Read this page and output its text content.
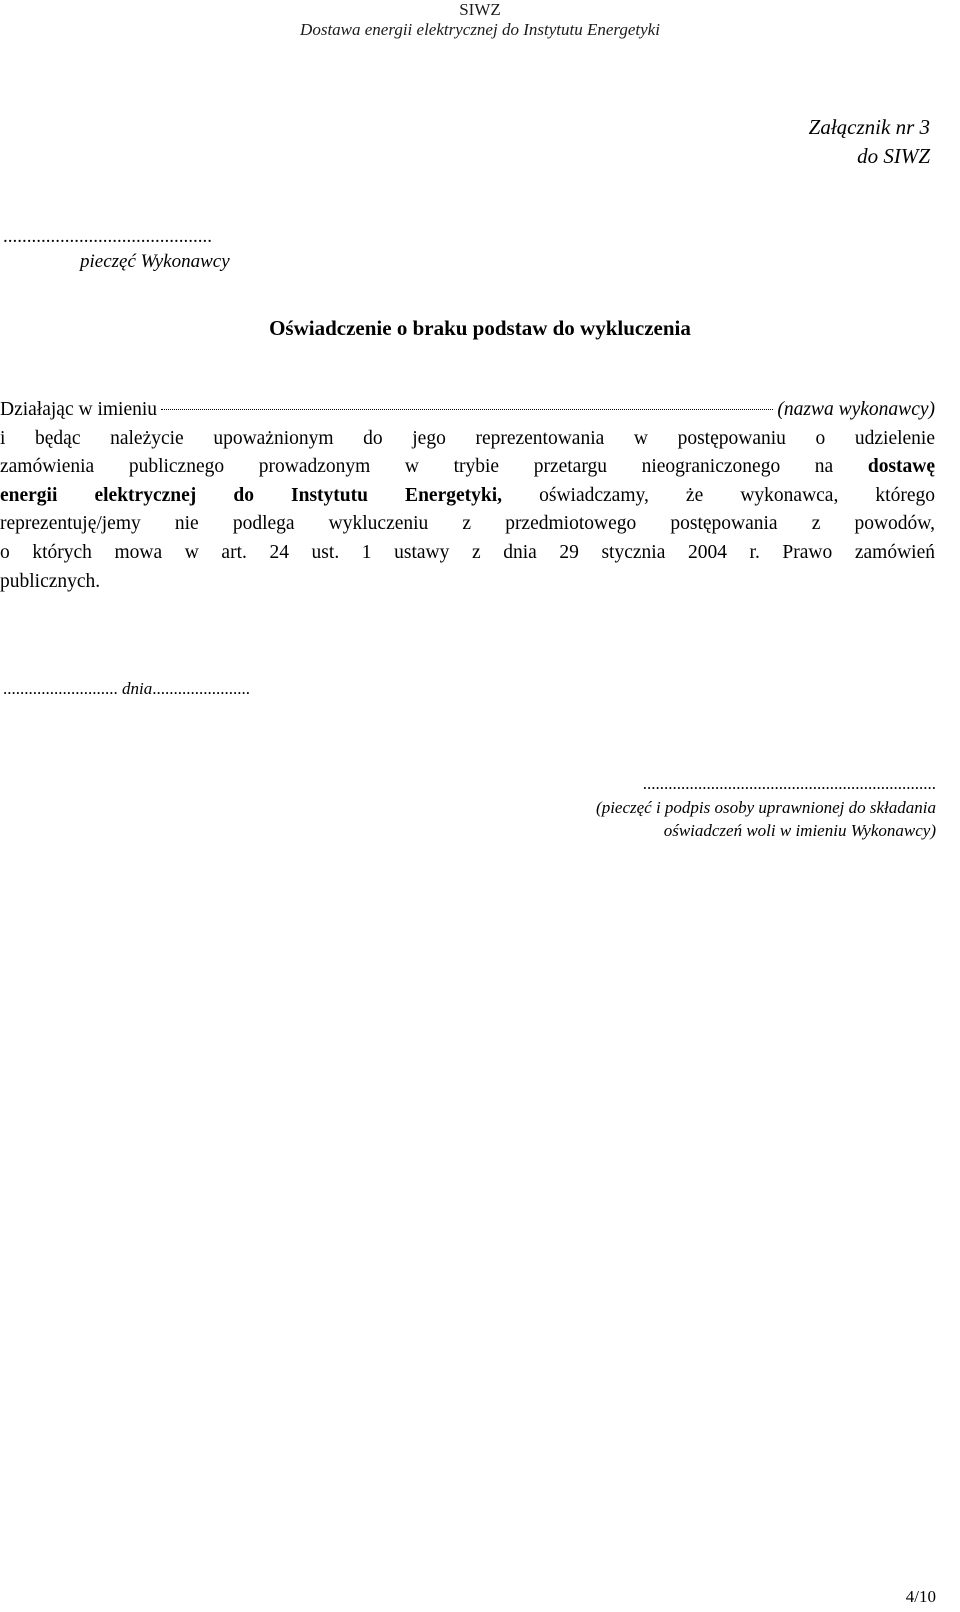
SIWZ
Dostawa energii elektrycznej do Instytutu Energetyki
Załącznik nr 3
do SIWZ
............................................
pieczęć Wykonawcy
Oświadczenie o braku podstaw do wykluczenia
Działając w imieniu	(nazwa wykonawcy)
i będąc należycie upoważnionym do jego reprezentowania w postępowaniu o udzielenie
zamówienia publicznego prowadzonym w trybie przetargu nieograniczonego na dostawę
energii elektrycznej do Instytutu Energetyki, oświadczamy, że wykonawca, którego
reprezentuję/jemy nie podlega wykluczeniu z przedmiotowego postępowania z powodów,
o których mowa w art. 24 ust. 1 ustawy z dnia 29 stycznia 2004 r. Prawo zamówień
publicznych.
........................... dnia.......................
.....................................................................
(pieczęć i podpis osoby uprawnionej do składania
oświadczeń woli w imieniu Wykonawcy)
4/10
